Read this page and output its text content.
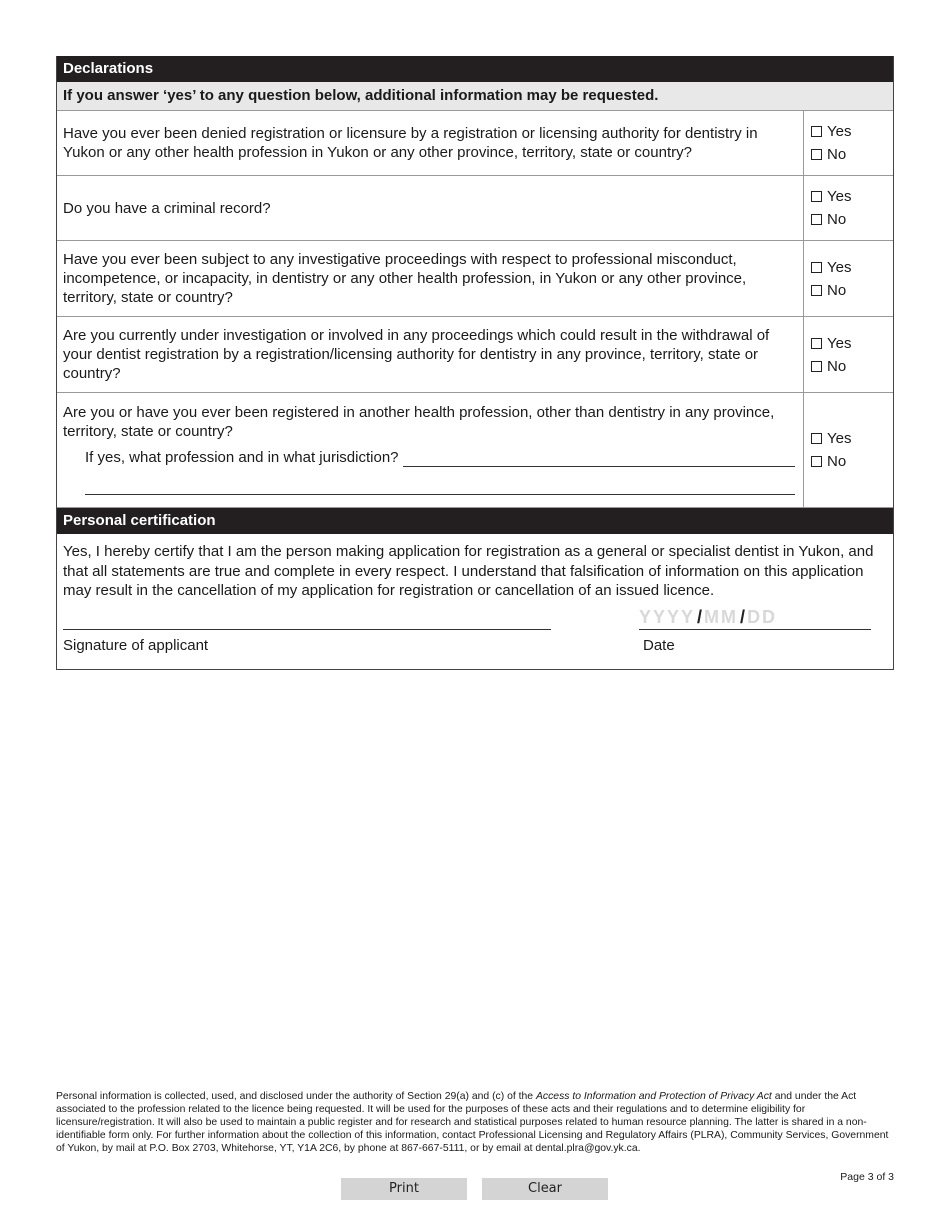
Declarations
If you answer ‘yes’ to any question below, additional information may be requested.
Have you ever been denied registration or licensure by a registration or licensing authority for dentistry in Yukon or any other health profession in Yukon or any other province, territory, state or country?
Yes
No
Do you have a criminal record?
Yes
No
Have you ever been subject to any investigative proceedings with respect to professional misconduct, incompetence, or incapacity, in dentistry or any other health profession, in Yukon or any other province, territory, state or country?
Yes
No
Are you currently under investigation or involved in any proceedings which could result in the withdrawal of your dentist registration by a registration/licensing authority for dentistry in any province, territory, state or country?
Yes
No
Are you or have you ever been registered in another health profession, other than dentistry in any province, territory, state or country?
If yes, what profession and in what jurisdiction?
Yes
No
Personal certification
Yes, I hereby certify that I am the person making application for registration as a general or specialist dentist in Yukon, and that all statements are true and complete in every respect. I understand that falsification of information on this application may result in the cancellation of my application for registration or cancellation of an issued licence.
Signature of applicant
YYYY / MM / DD
Date
Personal information is collected, used, and disclosed under the authority of Section 29(a) and (c) of the Access to Information and Protection of Privacy Act and under the Act associated to the profession related to the licence being requested. It will be used for the purposes of these acts and their regulations and to determine eligibility for licensure/registration. It will also be used to maintain a public register and for research and statistical purposes related to human resource planning. The latter is shared in a non-identifiable form only. For further information about the collection of this information, contact Professional Licensing and Regulatory Affairs (PLRA), Community Services, Government of Yukon, by mail at P.O. Box 2703, Whitehorse, YT, Y1A 2C6, by phone at 867-667-5111, or by email at dental.plra@gov.yk.ca.
Page 3 of 3
Print	Clear
